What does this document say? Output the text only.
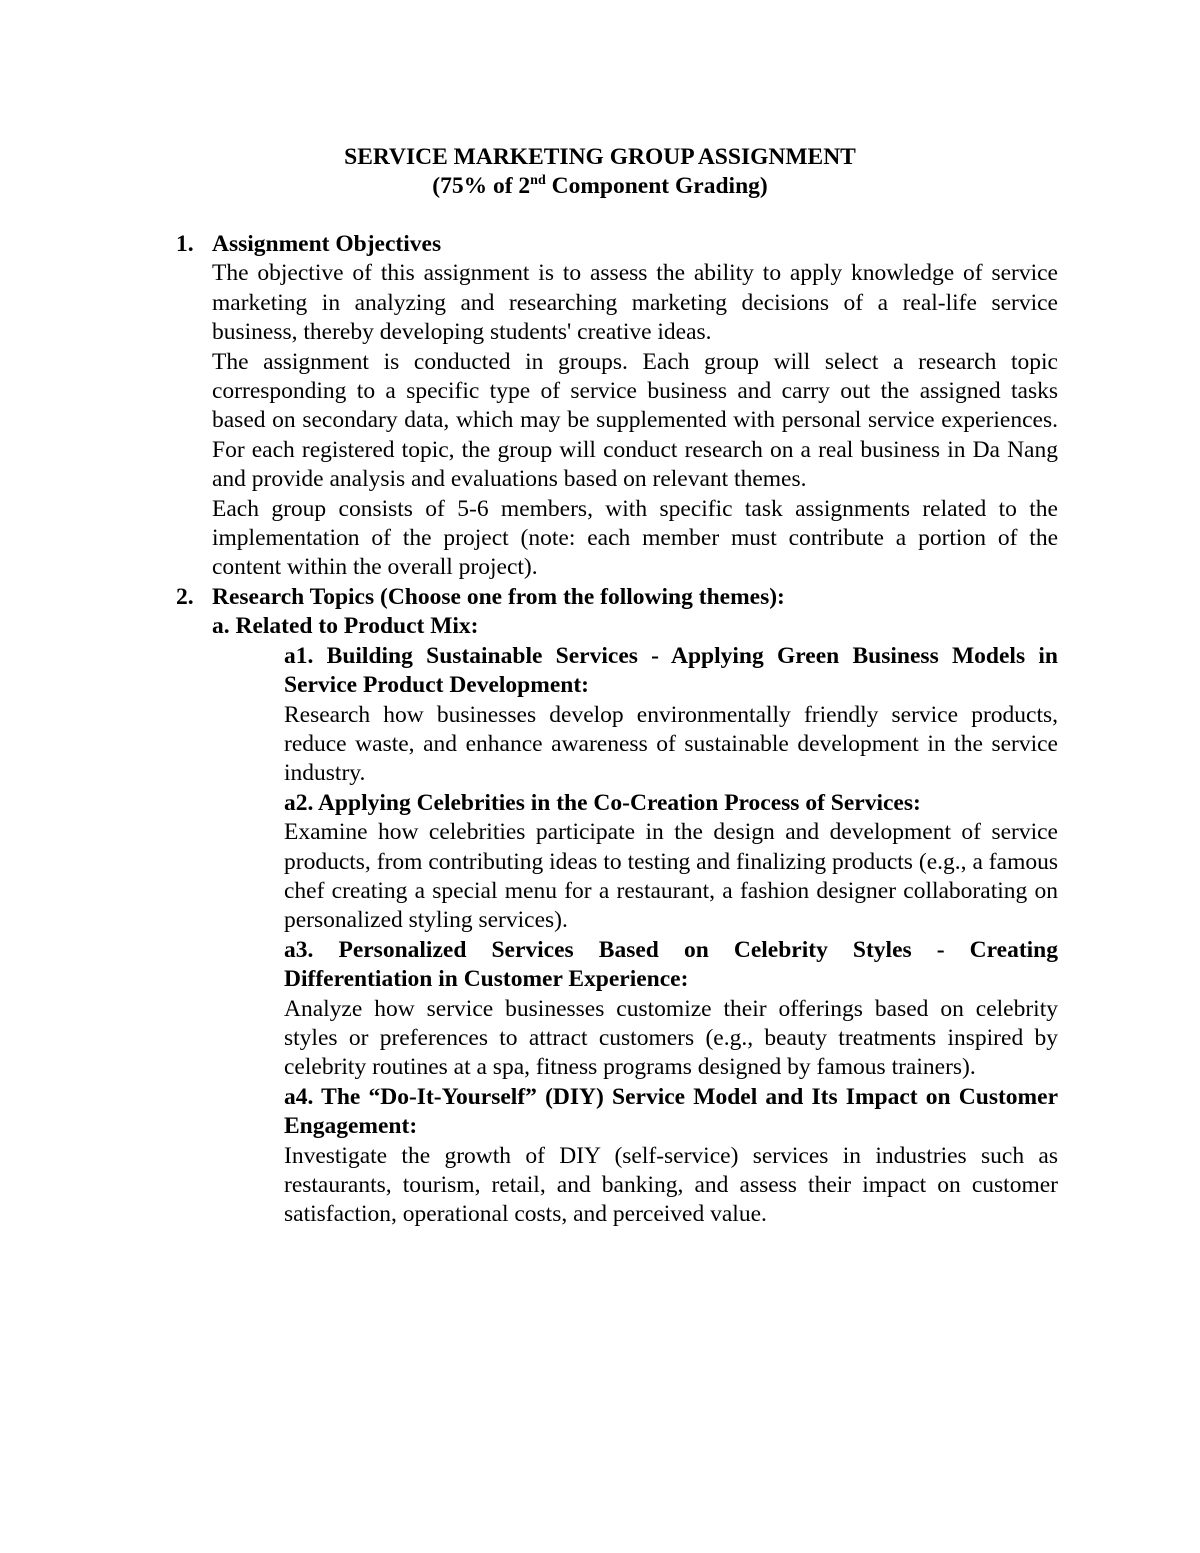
SERVICE MARKETING GROUP ASSIGNMENT
(75% of 2nd Component Grading)
1. Assignment Objectives

The objective of this assignment is to assess the ability to apply knowledge of service marketing in analyzing and researching marketing decisions of a real-life service business, thereby developing students' creative ideas.

The assignment is conducted in groups. Each group will select a research topic corresponding to a specific type of service business and carry out the assigned tasks based on secondary data, which may be supplemented with personal service experiences. For each registered topic, the group will conduct research on a real business in Da Nang and provide analysis and evaluations based on relevant themes.

Each group consists of 5-6 members, with specific task assignments related to the implementation of the project (note: each member must contribute a portion of the content within the overall project).

2. Research Topics (Choose one from the following themes):
a. Related to Product Mix:
a1. Building Sustainable Services - Applying Green Business Models in Service Product Development:
Research how businesses develop environmentally friendly service products, reduce waste, and enhance awareness of sustainable development in the service industry.
a2. Applying Celebrities in the Co-Creation Process of Services:
Examine how celebrities participate in the design and development of service products, from contributing ideas to testing and finalizing products (e.g., a famous chef creating a special menu for a restaurant, a fashion designer collaborating on personalized styling services).
a3. Personalized Services Based on Celebrity Styles - Creating Differentiation in Customer Experience:
Analyze how service businesses customize their offerings based on celebrity styles or preferences to attract customers (e.g., beauty treatments inspired by celebrity routines at a spa, fitness programs designed by famous trainers).
a4. The “Do-It-Yourself” (DIY) Service Model and Its Impact on Customer Engagement:
Investigate the growth of DIY (self-service) services in industries such as restaurants, tourism, retail, and banking, and assess their impact on customer satisfaction, operational costs, and perceived value.
